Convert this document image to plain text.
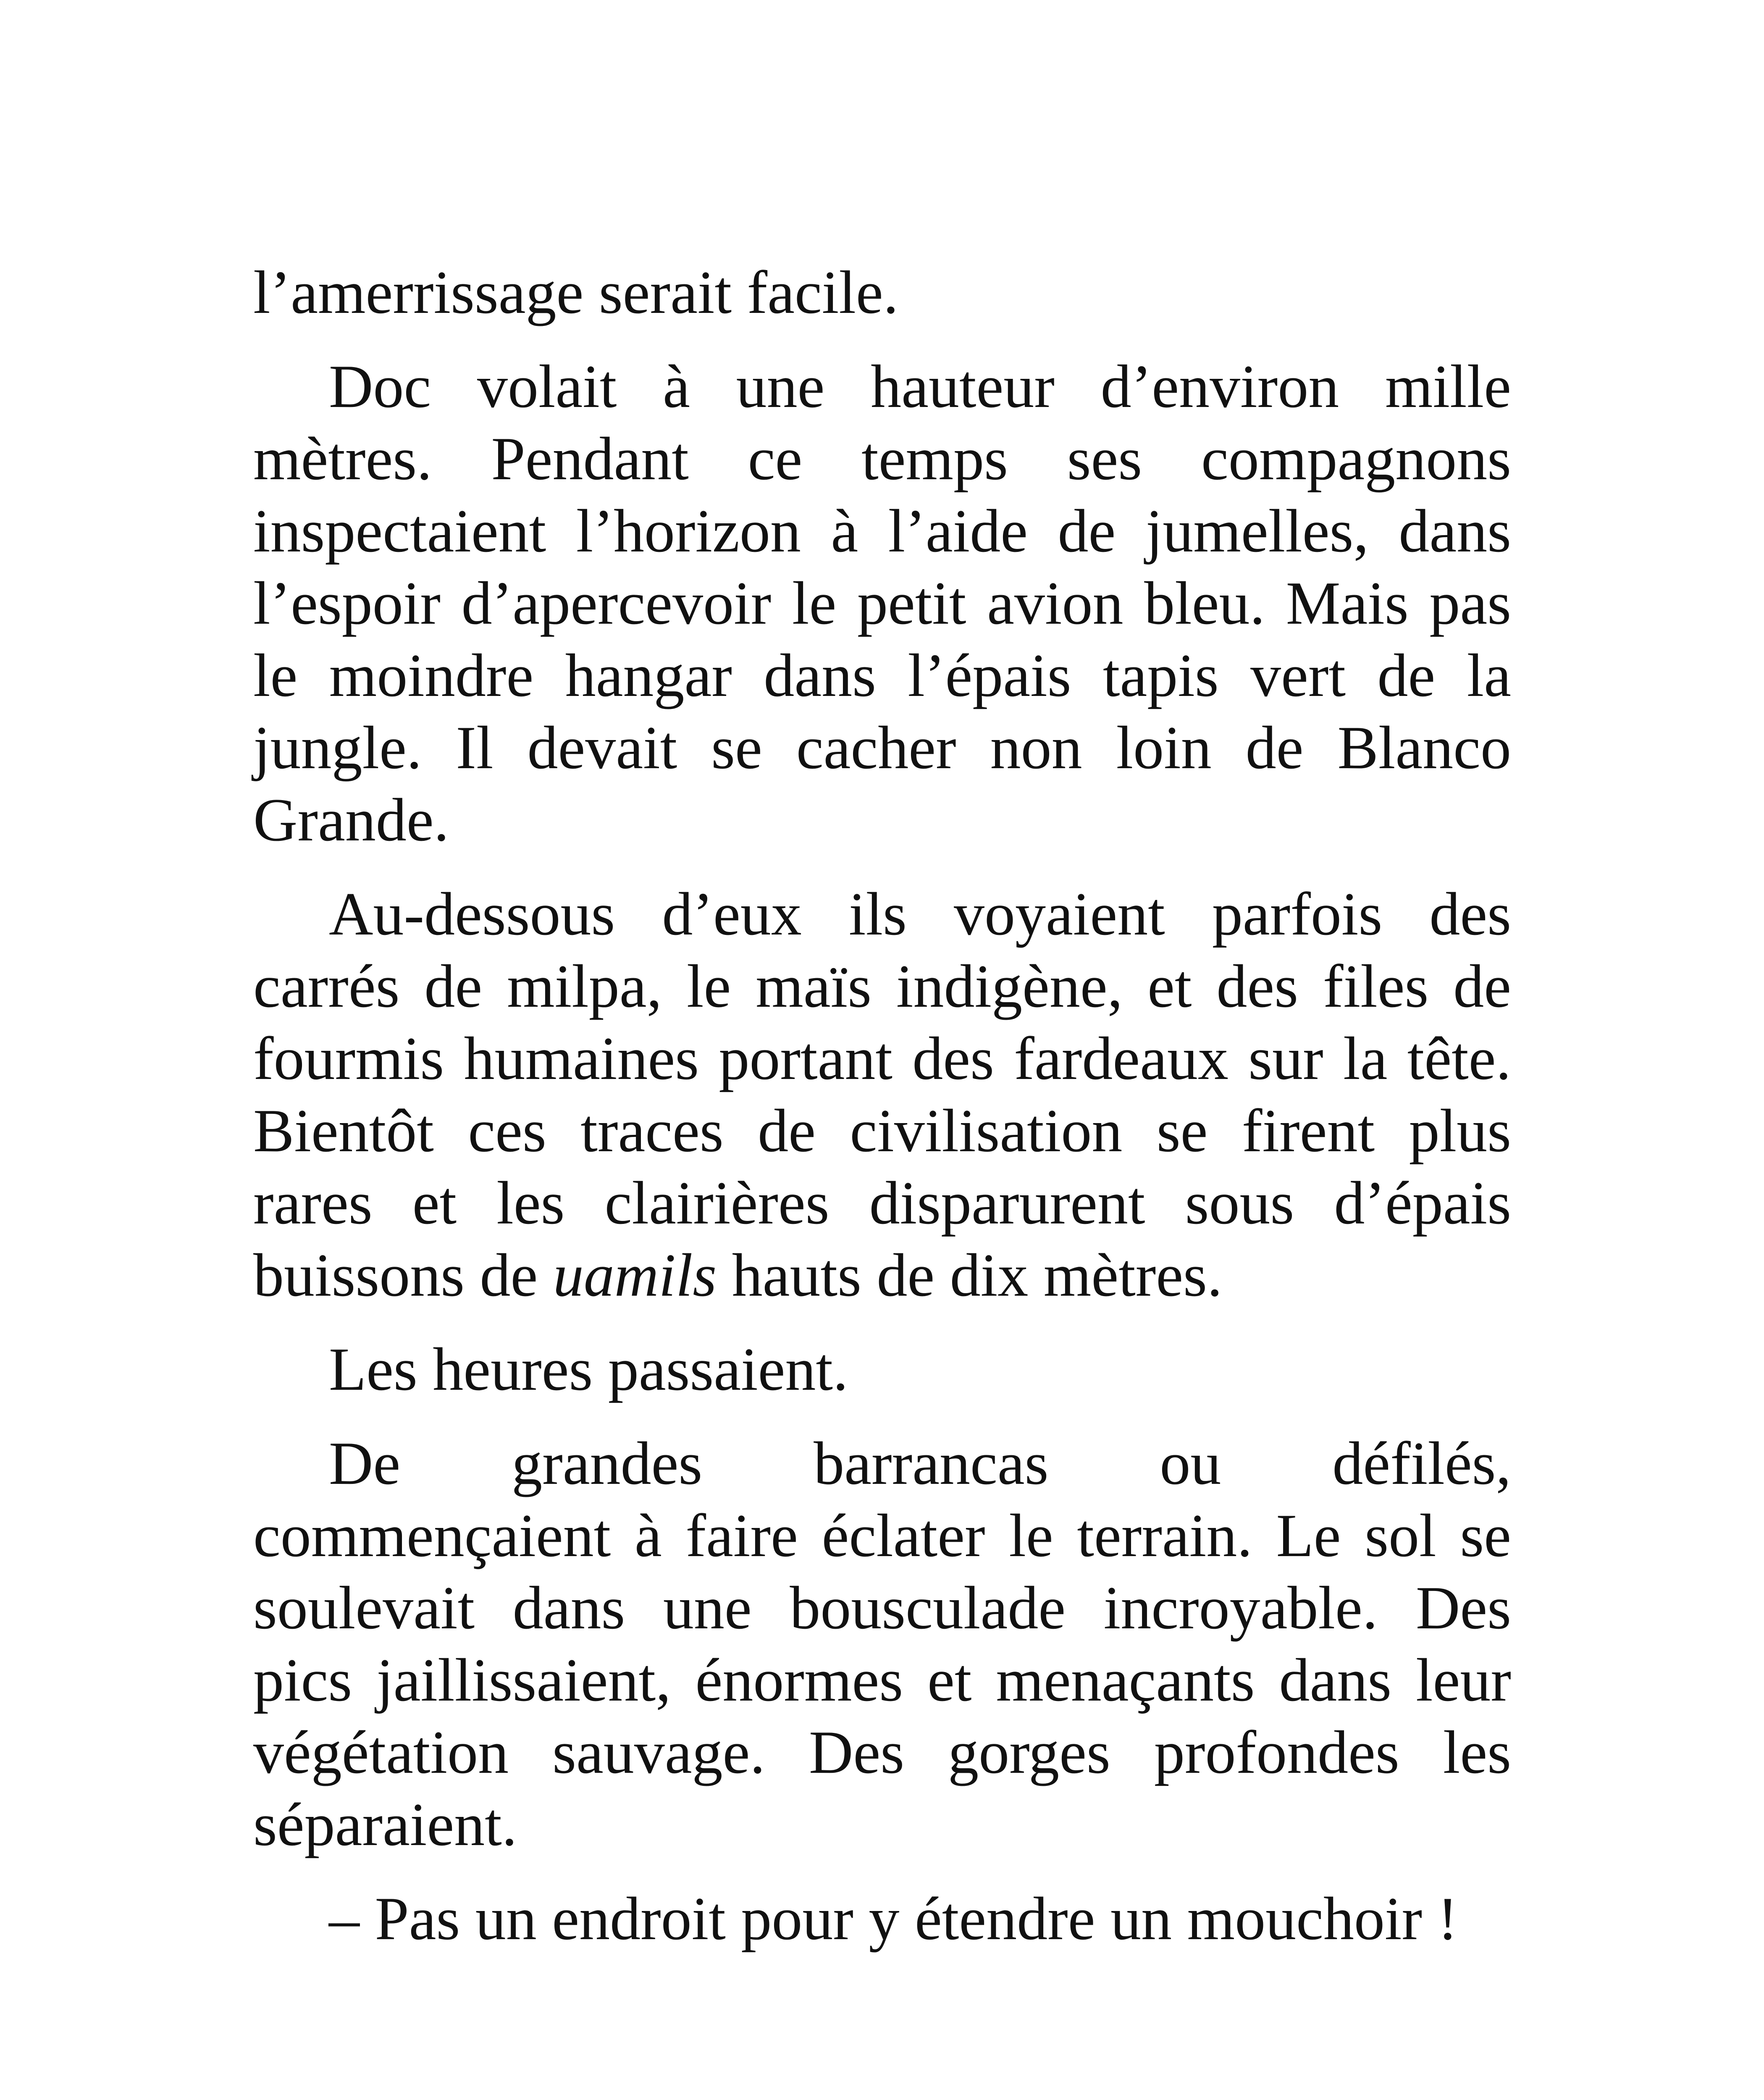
l’amerrissage serait facile.

Doc volait à une hauteur d’environ mille mètres. Pendant ce temps ses compagnons inspectaient l’horizon à l’aide de jumelles, dans l’espoir d’apercevoir le petit avion bleu. Mais pas le moindre hangar dans l’épais tapis vert de la jungle. Il devait se cacher non loin de Blanco Grande.

Au-dessous d’eux ils voyaient parfois des carrés de milpa, le maïs indigène, et des files de fourmis humaines portant des fardeaux sur la tête. Bientôt ces traces de civilisation se firent plus rares et les clairières disparurent sous d’épais buissons de uamils hauts de dix mètres.

Les heures passaient.

De grandes barrancas ou défilés,
commençaient à faire éclater le terrain. Le sol se soulevait dans une bousculade incroyable. Des pics jaillissaient, énormes et menaçants dans leur végétation sauvage. Des gorges profondes les séparaient.

– Pas un endroit pour y étendre un mouchoir !
